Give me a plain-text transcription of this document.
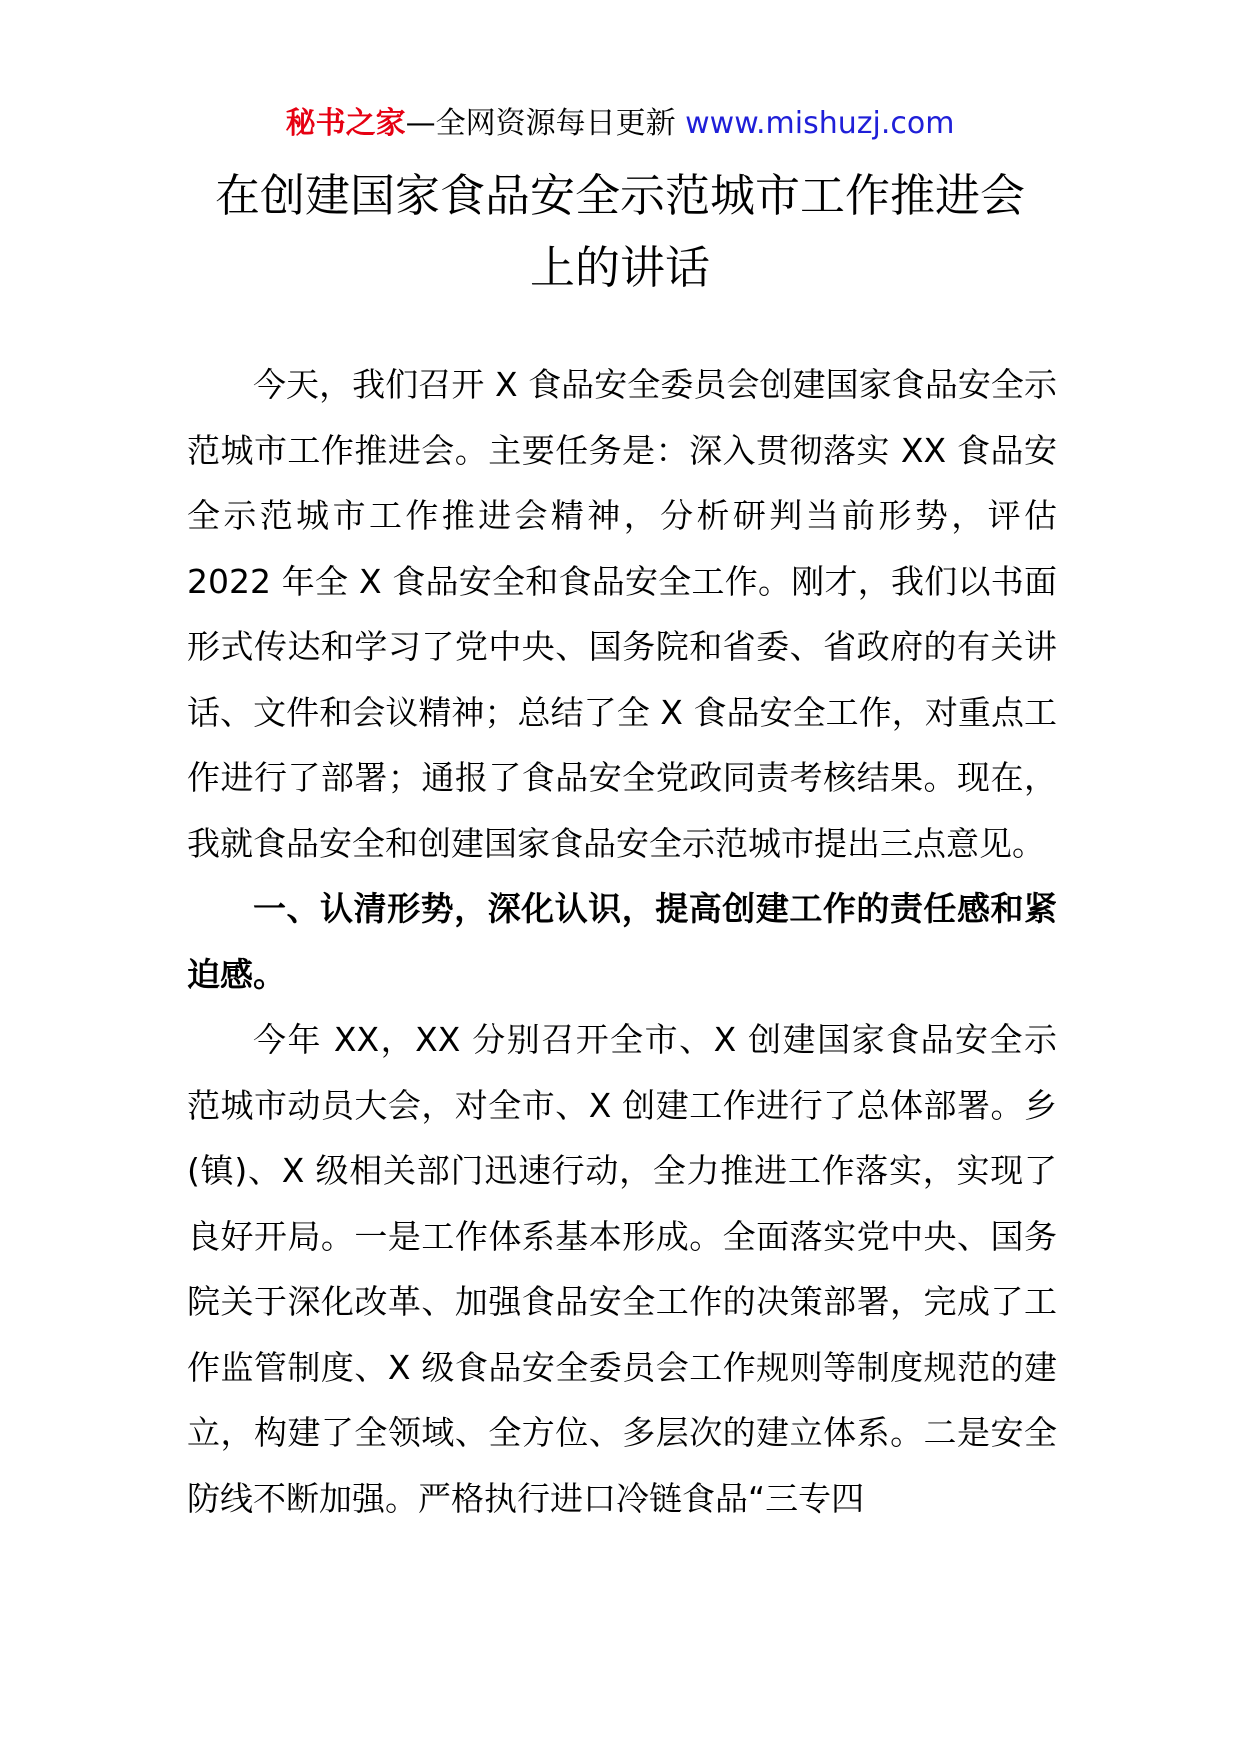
秘书之家—全网资源每日更新 www.mishuzj.com
在创建国家食品安全示范城市工作推进会
上的讲话

今天，我们召开 X 食品安全委员会创建国家食品安全示范城市工作推进会。主要任务是：深入贯彻落实 XX 食品安全示范城市工作推进会精神，分析研判当前形势，评估 2022 年全 X 食品安全和食品安全工作。刚才，我们以书面形式传达和学习了党中央、国务院和省委、省政府的有关讲话、文件和会议精神；总结了全 X 食品安全工作，对重点工作进行了部署；通报了食品安全党政同责考核结果。现在，我就食品安全和创建国家食品安全示范城市提出三点意见。

一、认清形势，深化认识，提高创建工作的责任感和紧迫感。

今年 XX，XX 分别召开全市、X 创建国家食品安全示范城市动员大会，对全市、X 创建工作进行了总体部署。乡(镇)、X 级相关部门迅速行动，全力推进工作落实，实现了良好开局。一是工作体系基本形成。全面落实党中央、国务院关于深化改革、加强食品安全工作的决策部署，完成了工作监管制度、X 级食品安全委员会工作规则等制度规范的建立，构建了全领域、全方位、多层次的建立体系。二是安全防线不断加强。严格执行进口冷链食品“三专四
